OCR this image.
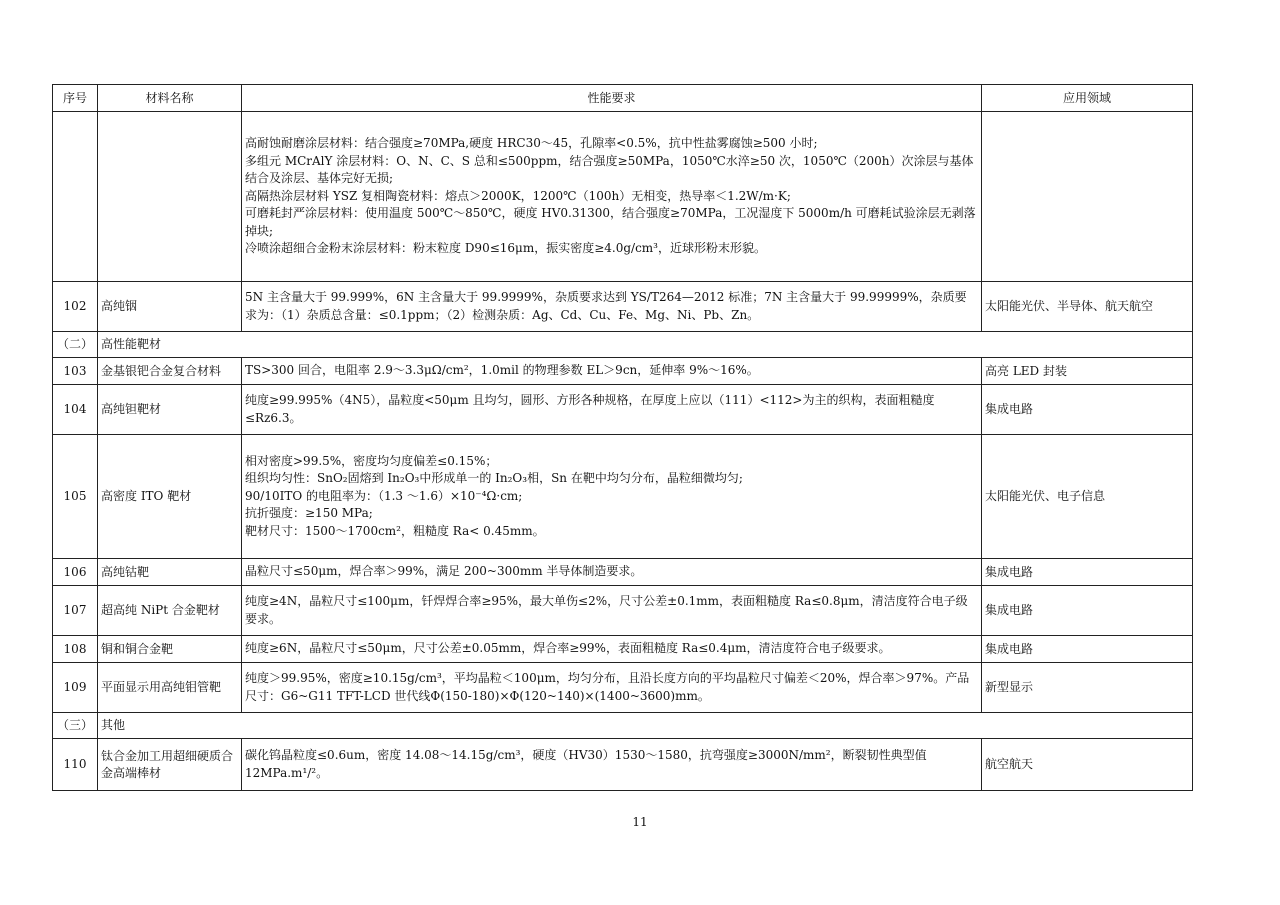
序号	材料名称	性能要求	应用领域

		高耐蚀耐磨涂层材料：结合强度≥70MPa,硬度 HRC30～45，孔隙率<0.5%，抗中性盐雾腐蚀≥500 小时;
多组元 MCrAlY 涂层材料：O、N、C、S 总和≤500ppm，结合强度≥50MPa，1050℃水淬≥50 次，1050℃（200h）次涂层与基体结合及涂层、基体完好无损;
高隔热涂层材料 YSZ 复相陶瓷材料：熔点＞2000K，1200℃（100h）无相变，热导率＜1.2W/m·K;
可磨耗封严涂层材料：使用温度 500℃～850℃，硬度 HV0.31300，结合强度≥70MPa，工况湿度下 5000m/h 可磨耗试验涂层无剥落掉块;
冷喷涂超细合金粉末涂层材料：粉末粒度 D90≤16μm，振实密度≥4.0g/cm³，近球形粉末形貌。	

102	高纯铟	5N 主含量大于 99.999%，6N 主含量大于 99.9999%，杂质要求达到 YS/T264—2012 标准；7N 主含量大于 99.99999%，杂质要求为：（1）杂质总含量：≤0.1ppm；（2）检测杂质：Ag、Cd、Cu、Fe、Mg、Ni、Pb、Zn。	太阳能光伏、半导体、航天航空
（二）	高性能靶材		
103	金基银钯合金复合材料	TS>300 回合，电阻率 2.9～3.3μΩ/cm²，1.0mil 的物理参数 EL＞9cn，延伸率 9%～16%。	高亮 LED 封装
104	高纯钽靶材	纯度≥99.995%（4N5），晶粒度<50μm 且均匀，圆形、方形各种规格，在厚度上应以（111）<112>为主的织构，表面粗糙度≤Rz6.3。	集成电路
105	高密度 ITO 靶材	相对密度>99.5%，密度均匀度偏差≤0.15%；
组织均匀性：SnO₂固熔到 In₂O₃中形成单一的 In₂O₃相，Sn 在靶中均匀分布，晶粒细微均匀;
90/10ITO 的电阻率为：（1.3 ～1.6）×10⁻⁴Ω·cm;
抗折强度：≥150 MPa;
靶材尺寸：1500～1700cm²，粗糙度 Ra< 0.45mm。	太阳能光伏、电子信息
106	高纯钴靶	晶粒尺寸≤50μm，焊合率＞99%，满足 200~300mm 半导体制造要求。	集成电路
107	超高纯 NiPt 合金靶材	纯度≥4N，晶粒尺寸≤100μm，钎焊焊合率≥95%，最大单伤≤2%，尺寸公差±0.1mm，表面粗糙度 Ra≤0.8μm，清洁度符合电子级要求。	集成电路
108	铜和铜合金靶	纯度≥6N，晶粒尺寸≤50μm，尺寸公差±0.05mm，焊合率≥99%，表面粗糙度 Ra≤0.4μm，清洁度符合电子级要求。	集成电路
109	平面显示用高纯钼管靶	纯度＞99.95%，密度≥10.15g/cm³，平均晶粒＜100μm，均匀分布，且沿长度方向的平均晶粒尺寸偏差＜20%，焊合率＞97%。产品尺寸：G6~G11 TFT-LCD 世代线Φ(150-180)×Φ(120~140)×(1400~3600)mm。	新型显示
（三）	其他		
110	钛合金加工用超细硬质合金高端棒材	碳化钨晶粒度≤0.6um，密度 14.08～14.15g/cm³，硬度（HV30）1530～1580，抗弯强度≥3000N/mm²，断裂韧性典型值 12MPa.m¹/²。	航空航天
11
